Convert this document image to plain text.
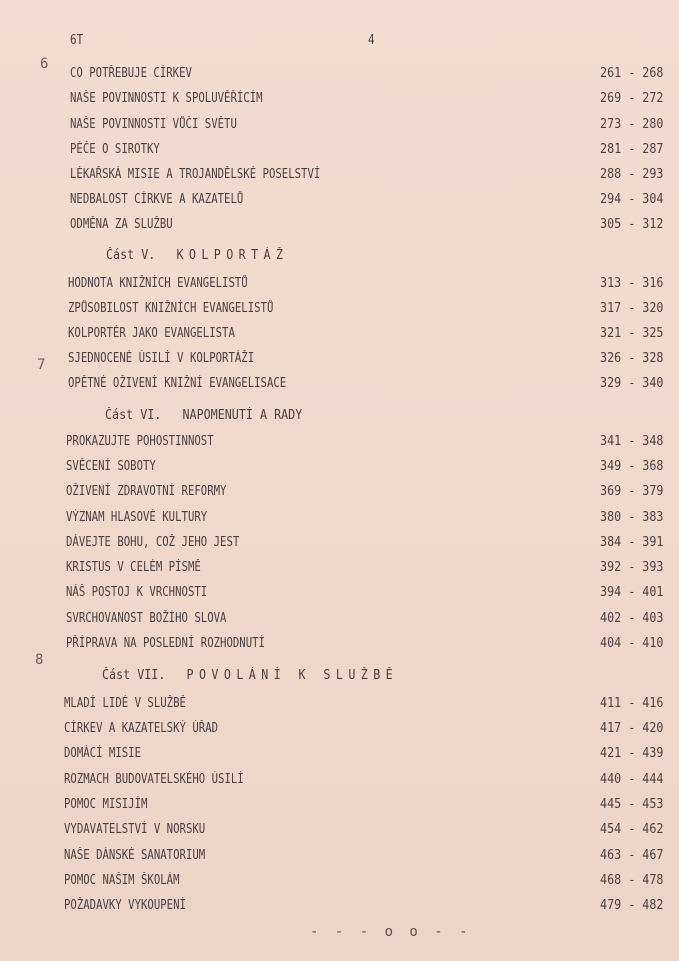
6T	4
6
7
8
CO POTŘEBUJE CÍRKEV	261 - 268
NAŠE POVINNOSTI K SPOLUVĚŘÍCÍM	269 - 272
NAŠE POVINNOSTI VŮČI SVĚTU	273 - 280
PÉČE O SIROTKY	281 - 287
LÉKAŘSKÁ MISIE A TROJANDĚLSKÉ POSELSTVÍ	288 - 293
NEDBALOST CÍRKVE A KAZATELŮ	294 - 304
ODMĚNA ZA SLUŽBU	305 - 312
Část V. KOLPORTÁŽ
HODNOTA KNIŽNÍCH EVANGELISTŮ	313 - 316
ZPŮSOBILOST KNIŽNÍCH EVANGELISTŮ	317 - 320
KOLPORTÉR JAKO EVANGELISTA	321 - 325
SJEDNOCENÉ ÚSILÍ V KOLPORTÁŽI	326 - 328
OPĚTNÉ OŽIVENÍ KNIŽNÍ EVANGELISACE	329 - 340
Část VI. NAPOMENUTÍ A RADY
PROKAZUJTE POHOSTINNOST	341 - 348
SVĚCENÍ SOBOTY	349 - 368
OŽIVENÍ ZDRAVOTNÍ REFORMY	369 - 379
VÝZNAM HLASOVÉ KULTURY	380 - 383
DÁVEJTE BOHU, COŽ JEHO JEST	384 - 391
KRISTUS V CELÉM PÍSMĚ	392 - 393
NÁŠ POSTOJ K VRCHNOSTI	394 - 401
SVRCHOVANOST BOŽÍHO SLOVA	402 - 403
PŘÍPRAVA NA POSLEDNÍ ROZHODNUTÍ	404 - 410
Část VII. POVOLÁNÍ K SLUŽBĚ
MLADÍ LIDÉ V SLUŽBĚ	411 - 416
CÍRKEV A KAZATELSKÝ ÚŘAD	417 - 420
DOMÁCÍ MISIE	421 - 439
ROZMACH BUDOVATELSKÉHO ÚSILÍ	440 - 444
POMOC MISIJÍM	445 - 453
VYDAVATELSTVÍ V NORSKU	454 - 462
NAŠE DÁNSKÉ SANATORIUM	463 - 467
POMOC NAŠIM ŠKOLÁM	468 - 478
POŽADAVKY VYKOUPENÍ	479 - 482
- - - o o - -
